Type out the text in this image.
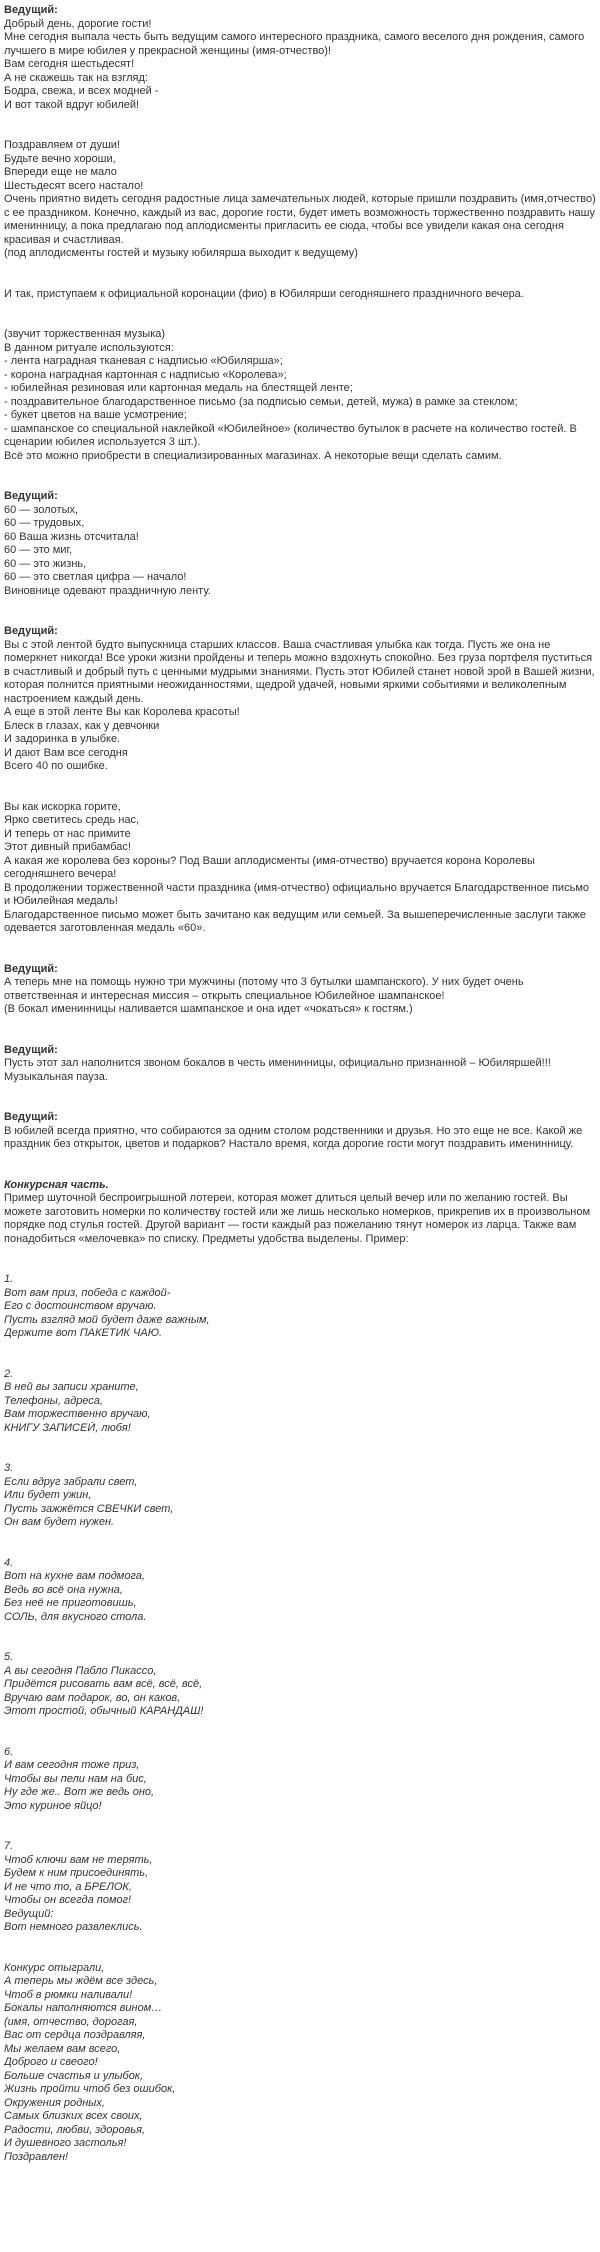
Ведущий:
Добрый день, дорогие гости!
Мне сегодня выпала честь быть ведущим самого интересного праздника, самого веселого дня рождения, самого лучшего в мире юбилея у прекрасной женщины (имя-отчество)!
Вам сегодня шестьдесят!
А не скажешь так на взгляд:
Бодра, свежа, и всех модней -
И вот такой вдруг юбилей!
Поздравляем от души!
Будьте вечно хороши,
Впереди еще не мало
Шестьдесят всего настало!
Очень приятно видеть сегодня радостные лица замечательных людей, которые пришли поздравить (имя,отчество) с ее праздником. Конечно, каждый из вас, дорогие гости, будет иметь возможность торжественно поздравить нашу именинницу, а пока предлагаю под аплодисменты пригласить ее сюда, чтобы все увидели какая она сегодня красивая и счастливая.
(под аплодисменты гостей и музыку юбилярша выходит к ведущему)
И так, приступаем к официальной коронации (фио) в Юбилярши сегодняшнего праздничного вечера.
(звучит торжественная музыка)
В данном ритуале используются:
- лента наградная тканевая с надписью «Юбилярша»;
- корона наградная картонная с надписью «Королева»;
- юбилейная резиновая или картонная медаль на блестящей ленте;
- поздравительное благодарственное письмо (за подписью семьи, детей, мужа) в рамке за стеклом;
- букет цветов на ваше усмотрение;
- шампанское со специальной наклейкой «Юбилейное» (количество бутылок в расчете на количество гостей. В сценарии юбилея используется 3 шт.).
Всё это можно приобрести в специализированных магазинах. А некоторые вещи сделать самим.
Ведущий:
60 — золотых,
60 — трудовых,
60 Ваша жизнь отсчитала!
60 — это миг,
60 — это жизнь,
60 — это светлая цифра — начало!
Виновнице одевают праздничную ленту.
Ведущий:
Вы с этой лентой будто выпускница старших классов. Ваша счастливая улыбка как тогда. Пусть же она не померкнет никогда! Все уроки жизни пройдены и теперь можно вздохнуть спокойно. Без груза портфеля пуститься в счастливый и добрый путь с ценными мудрыми знаниями. Пусть этот Юбилей станет новой эрой в Вашей жизни, которая полнится приятными неожиданностями, щедрой удачей, новыми яркими событиями и великолепным настроением каждый день.
А еще в этой ленте Вы как Королева красоты!
Блеск в глазах, как у девчонки
И задоринка в улыбке.
И дают Вам все сегодня
Всего 40 по ошибке.
Вы как искорка горите,
Ярко светитесь средь нас,
И теперь от нас примите
Этот дивный прибамбас!
А какая же королева без короны? Под Ваши аплодисменты (имя-отчество) вручается корона Королевы сегодняшнего вечера!
В продолжении торжественной части праздника (имя-отчество) официально вручается Благодарственное письмо и Юбилейная медаль!
Благодарственное письмо может быть зачитано как ведущим или семьей. За вышеперечисленные заслуги также одевается заготовленная медаль «60».
Ведущий:
А теперь мне на помощь нужно три мужчины (потому что 3 бутылки шампанского). У них будет очень ответственная и интересная миссия – открыть специальное Юбилейное шампанское!
(В бокал именинницы наливается шампанское и она идет «чокаться» к гостям.)
Ведущий:
Пусть этот зал наполнится звоном бокалов в честь именинницы, официально признанной – Юбиляршей!!!
Музыкальная пауза.
Ведущий:
В юбилей всегда приятно, что собираются за одним столом родственники и друзья. Но это еще не все. Какой же праздник без открыток, цветов и подарков? Настало время, когда дорогие гости могут поздравить именинницу.
Конкурсная часть.
Пример шуточной беспроигрышной лотереи, которая может длиться целый вечер или по желанию гостей. Вы можете заготовить номерки по количеству гостей или же лишь несколько номерков, прикрепив их в произвольном порядке под стулья гостей. Другой вариант — гости каждый раз пожеланию тянут номерок из ларца. Также вам понадобиться «мелочевка» по списку. Предметы удобства выделены. Пример:
1.
Вот вам приз, победа с каждой-
Его с достоинством вручаю.
Пусть взгляд мой будет даже важным,
Держите вот ПАКЕТИК ЧАЮ.
2.
В ней вы записи храните,
Телефоны, адреса,
Вам торжественно вручаю,
КНИГУ ЗАПИСЕЙ, любя!
3.
Если вдруг забрали свет,
Или будет ужин,
Пусть зажжётся СВЕЧКИ свет,
Он вам будет нужен.
4.
Вот на кухне вам подмога,
Ведь во всё она нужна,
Без неё не приготовишь,
СОЛЬ, для вкусного стола.
5.
А вы сегодня Пабло Пикассо,
Придётся рисовать вам всё, всё, всё,
Вручаю вам подарок, во, он каков,
Этот простой, обычный КАРАНДАШ!
6.
И вам сегодня тоже приз,
Чтобы вы пели нам на бис,
Ну где же.. Вот же ведь оно,
Это куриное яйцо!
7.
Чтоб ключи вам не терять,
Будем к ним присоединять,
И не что то, а БРЕЛОК,
Чтобы он всегда помог!
Ведущий:
Вот немного развлеклись.
Конкурс отыграли,
А теперь мы ждём все здесь,
Чтоб в рюмки наливали!
Бокалы наполняются вином…
(имя, отчество, дорогая,
Вас от сердца поздравляя,
Мы желаем вам всего,
Доброго и свеого!
Больше счастья и улыбок,
Жизнь пройти чтоб без ошибок,
Окружения родных,
Самых близких всех своих,
Радости, любви, здоровья,
И душевного застолья!
Поздравлен!
